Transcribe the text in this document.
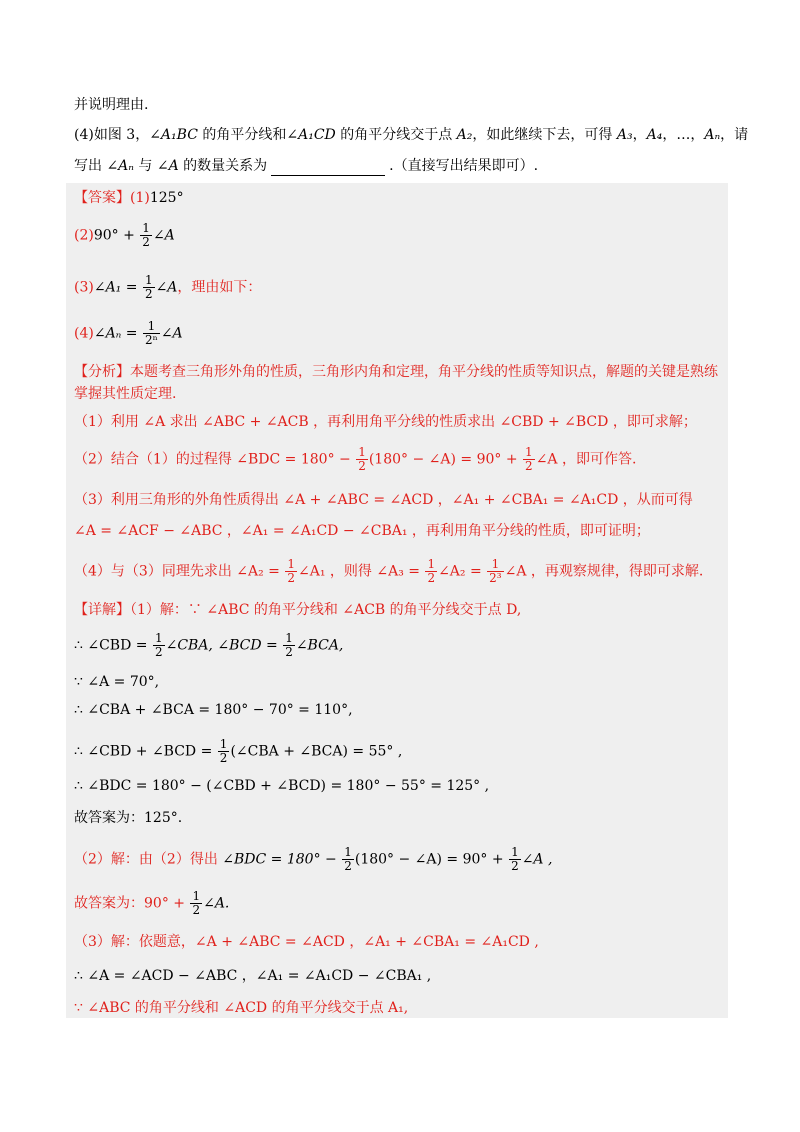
并说明理由.
(4)如图 3，∠A₁BC 的角平分线和∠A₁CD 的角平分线交于点 A₂，如此继续下去，可得 A₃，A₄，…，Aₙ，请
写出 ∠Aₙ 与 ∠A 的数量关系为	.（直接写出结果即可）.
【答案】(1)125°
$(2)90^\circ + \frac{1}{2}$ ∠A
(3)∠A₁ = $\frac{1}{2}$ ∠A，理由如下：
(4)∠Aₙ = $\frac{1}{\text{2ⁿ}}$ ∠A
【分析】本题考查三角形外角的性质，三角形内角和定理，角平分线的性质等知识点，解题的关键是熟练
掌握其性质定理.
（1）利用 ∠A 求出 ∠ABC + ∠ACB ，再利用角平分线的性质求出 ∠CBD + ∠BCD ，即可求解；
（2）结合（1）的过程得 ∠BDC = $180^\circ - \frac{1}{2} (180^\circ$ − ∠A) = $90^\circ + \frac{1}{2}$ ∠A ，即可作答.
（3）利用三角形的外角性质得出 ∠A + ∠ABC = ∠ACD ，∠A₁ + ∠CBA₁ = ∠A₁CD ，从而可得
∠A = ∠ACF − ∠ABC ，∠A₁ = ∠A₁CD − ∠CBA₁ ，再利用角平分线的性质，即可证明；
（4）与（3）同理先求出 ∠A₂ = $\frac{1}{2}$ ∠A₁ ，则得 ∠A₃ = $\frac{1}{2}$ ∠A₂ = $\frac{1}{\text{2³}}$ ∠A ，再观察规律，得即可求解.
【详解】（1）解：∵ ∠ABC 的角平分线和 ∠ACB 的角平分线交于点 D,
∴ ∠CBD = $\frac{1}{2}$ ∠CBA, ∠BCD = $\frac{1}{2}$ ∠BCA,
∵ ∠A = 70°,
∴ ∠CBA + ∠BCA = 180° − 70° = 110°,
∴ ∠CBD + ∠BCD = $\frac{1}{2}$ (∠CBA + ∠BCA) = 55° ,
∴ ∠BDC = 180° − (∠CBD + ∠BCD) = 180° − 55° = 125° ,
故答案为：125°.
（2）解：由（2）得出 ∠BDC = $180^\circ - \frac{1}{2} (180^\circ$ − ∠A) = $90^\circ + \frac{1}{2}$ ∠A ,
故答案为：$90^\circ + \frac{1}{2}$ ∠A.
（3）解：依题意，∠A + ∠ABC = ∠ACD ，∠A₁ + ∠CBA₁ = ∠A₁CD ,
∴ ∠A = ∠ACD − ∠ABC ，∠A₁ = ∠A₁CD − ∠CBA₁ ,
∵ ∠ABC 的角平分线和 ∠ACD 的角平分线交于点 A₁,
